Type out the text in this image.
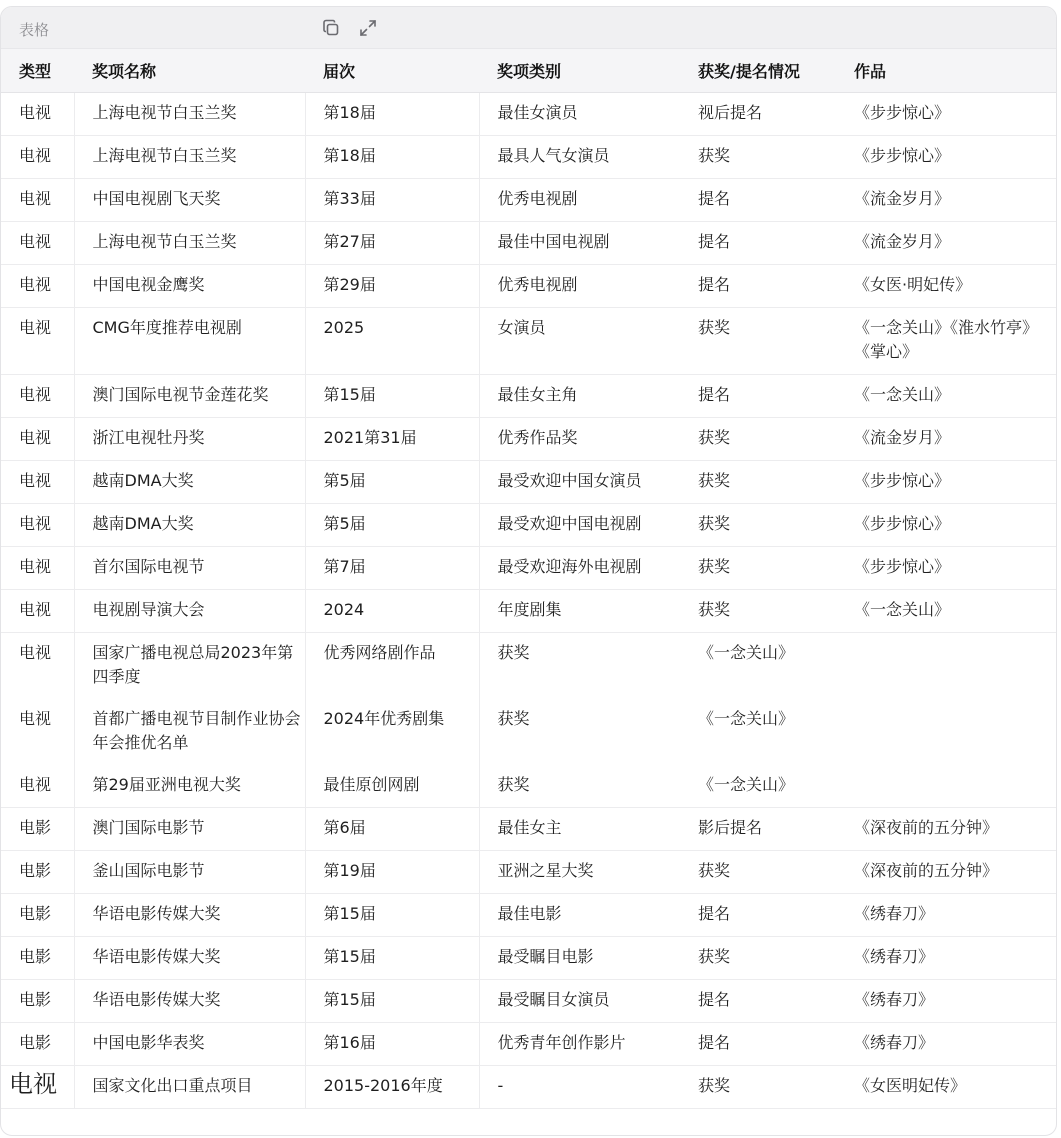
表格
类型	奖项名称	届次	奖项类别	获奖/提名情况	作品
电视	上海电视节白玉兰奖	第18届	最佳女演员	视后提名	《步步惊心》
电视	上海电视节白玉兰奖	第18届	最具人气女演员	获奖	《步步惊心》
电视	中国电视剧飞天奖	第33届	优秀电视剧	提名	《流金岁月》
电视	上海电视节白玉兰奖	第27届	最佳中国电视剧	提名	《流金岁月》
电视	中国电视金鹰奖	第29届	优秀电视剧	提名	《女医·明妃传》
电视	CMG年度推荐电视剧	2025	女演员	获奖	《一念关山》《淮水竹亭》《掌心》
电视	澳门国际电视节金莲花奖	第15届	最佳女主角	提名	《一念关山》
电视	浙江电视牡丹奖	2021第31届	优秀作品奖	获奖	《流金岁月》
电视	越南DMA大奖	第5届	最受欢迎中国女演员	获奖	《步步惊心》
电视	越南DMA大奖	第5届	最受欢迎中国电视剧	获奖	《步步惊心》
电视	首尔国际电视节	第7届	最受欢迎海外电视剧	获奖	《步步惊心》
电视	电视剧导演大会	2024	年度剧集	获奖	《一念关山》
电视	国家广播电视总局2023年第四季度	优秀网络剧作品	获奖	《一念关山》	
电视	首都广播电视节目制作业协会年会推优名单	2024年优秀剧集	获奖	《一念关山》	
电视	第29届亚洲电视大奖	最佳原创网剧	获奖	《一念关山》	
电影	澳门国际电影节	第6届	最佳女主	影后提名	《深夜前的五分钟》
电影	釜山国际电影节	第19届	亚洲之星大奖	获奖	《深夜前的五分钟》
电影	华语电影传媒大奖	第15届	最佳电影	提名	《绣春刀》
电影	华语电影传媒大奖	第15届	最受瞩目电影	获奖	《绣春刀》
电影	华语电影传媒大奖	第15届	最受瞩目女演员	提名	《绣春刀》
电影	中国电影华表奖	第16届	优秀青年创作影片	提名	《绣春刀》
电视	国家文化出口重点项目	2015-2016年度	-	获奖	《女医明妃传》
